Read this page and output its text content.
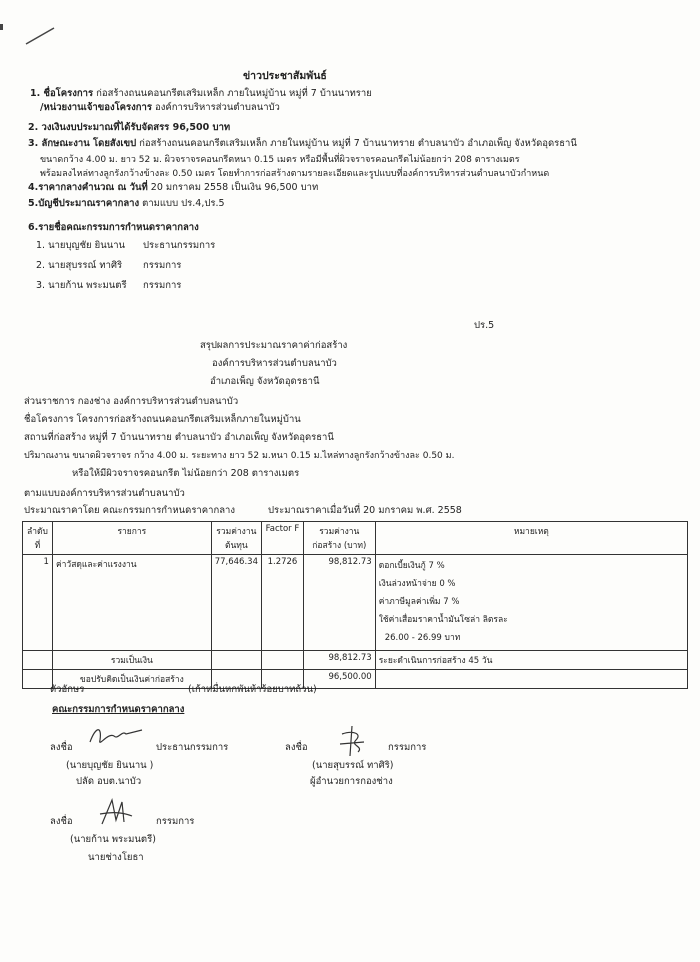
ข่าวประชาสัมพันธ์
1. ชื่อโครงการ ก่อสร้างถนนคอนกรีตเสริมเหล็ก ภายในหมู่บ้าน หมู่ที่ 7 บ้านนาทราย
/หน่วยงานเจ้าของโครงการ องค์การบริหารส่วนตำบลนาบัว
2. วงเงินงบประมาณที่ได้รับจัดสรร 96,500 บาท
3. ลักษณะงาน โดยสังเขป ก่อสร้างถนนคอนกรีตเสริมเหล็ก ภายในหมู่บ้าน หมู่ที่ 7 บ้านนาทราย ตำบลนาบัว อำเภอเพ็ญ จังหวัดอุดรธานี
ขนาดกว้าง 4.00 ม. ยาว 52 ม. ผิวจราจรคอนกรีตหนา 0.15 เมตร หรือมีพื้นที่ผิวจราจรคอนกรีตไม่น้อยกว่า 208 ตารางเมตร
พร้อมลงไหล่ทางลูกรังกว้างข้างละ 0.50 เมตร โดยทำการก่อสร้างตามรายละเอียดและรูปแบบที่องค์การบริหารส่วนตำบลนาบัวกำหนด
4.ราคากลางคำนวณ ณ วันที่ 20 มกราคม 2558 เป็นเงิน 96,500 บาท
5.บัญชีประมาณราคากลาง ตามแบบ ปร.4,ปร.5
6.รายชื่อคณะกรรมการกำหนดราคากลาง
1. นายบุญชัย ยินนาน ประธานกรรมการ
2. นายสุบรรณ์ ทาศิริ กรรมการ
3. นายก้าน พระมนตรี กรรมการ
ปร.5
สรุปผลการประมาณราคาค่าก่อสร้าง
องค์การบริหารส่วนตำบลนาบัว
อำเภอเพ็ญ จังหวัดอุดรธานี
ส่วนราชการ กองช่าง องค์การบริหารส่วนตำบลนาบัว
ชื่อโครงการ โครงการก่อสร้างถนนคอนกรีตเสริมเหล็กภายในหมู่บ้าน
สถานที่ก่อสร้าง หมู่ที่ 7 บ้านนาทราย ตำบลนาบัว อำเภอเพ็ญ จังหวัดอุดรธานี
ปริมาณงาน ขนาดผิวจราจร กว้าง 4.00 ม. ระยะทาง ยาว 52 ม.หนา 0.15 ม.ไหล่ทางลูกรังกว้างข้างละ 0.50 ม.
หรือให้มีผิวจราจรคอนกรีต ไม่น้อยกว่า 208 ตารางเมตร
ตามแบบองค์การบริหารส่วนตำบลนาบัว
ประมาณราคาโดย คณะกรรมการกำหนดราคากลาง	ประมาณราคาเมื่อวันที่ 20 มกราคม พ.ศ. 2558
ลำดับที่	รายการ	รวมค่างาน ต้นทุน	Factor F	รวมค่างานก่อสร้าง (บาท)	หมายเหตุ
1	ค่าวัสดุและค่าแรงงาน	77,646.34	1.2726	98,812.73	ดอกเบี้ยเงินกู้ 7 %
เงินล่วงหน้าจ่าย 0 %
ค่าภาษีมูลค่าเพิ่ม 7 %
ใช้ค่าเสื่อมราคาน้ำมันโซล่า ลิตรละ
26.00 - 26.99 บาท

	รวมเป็นเงิน			98,812.73	ระยะดำเนินการก่อสร้าง 45 วัน
	ขอปรับคิดเป็นเงินค่าก่อสร้าง			96,500.00	
ตัวอักษร	(เก้าหมื่นหกพันห้าร้อยบาทถ้วน)
คณะกรรมการกำหนดราคากลาง
ลงชื่อ	ประธานกรรมการ
(นายบุญชัย ยินนาน )
ปลัด อบต.นาบัว
ลงชื่อ	กรรมการ
(นายสุบรรณ์ ทาศิริ)
ผู้อำนวยการกองช่าง
ลงชื่อ	กรรมการ
(นายก้าน พระมนตรี)
นายช่างโยธา
